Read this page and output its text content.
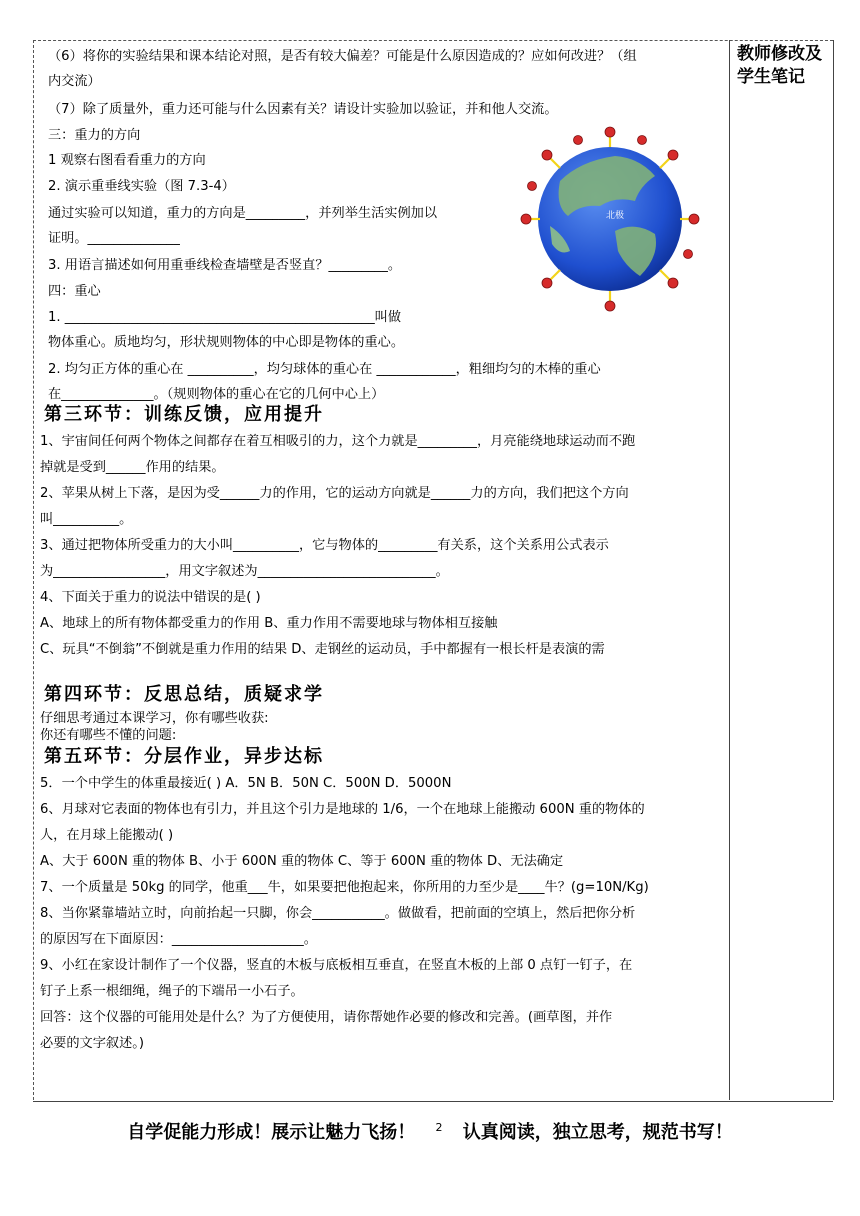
教师修改及学生笔记
（6）将你的实验结果和课本结论对照，是否有较大偏差？可能是什么原因造成的？应如何改进？（组
内交流）
（7）除了质量外，重力还可能与什么因素有关？请设计实验加以验证，并和他人交流。
三：重力的方向
1 观察右图看看重力的方向
2. 演示重垂线实验（图 7.3-4）
通过实验可以知道，重力的方向是_________，并列举生活实例加以
证明。______________
3. 用语言描述如何用重垂线检查墙壁是否竖直？_________。
四：重心
1. _______________________________________________叫做
物体重心。质地均匀，形状规则物体的中心即是物体的重心。
2. 均匀正方体的重心在 __________，均匀球体的重心在 ____________，粗细均匀的木棒的重心
在______________。（规则物体的重心在它的几何中心上）
第三环节：训练反馈，应用提升
1、宇宙间任何两个物体之间都存在着互相吸引的力，这个力就是_________，月亮能绕地球运动而不跑
掉就是受到______作用的结果。
2、苹果从树上下落，是因为受______力的作用，它的运动方向就是______力的方向，我们把这个方向
叫__________。
3、通过把物体所受重力的大小叫__________，它与物体的_________有关系，这个关系用公式表示
为_________________，用文字叙述为___________________________。
4、下面关于重力的说法中错误的是( )
A、地球上的所有物体都受重力的作用 B、重力作用不需要地球与物体相互接触
C、玩具“不倒翁”不倒就是重力作用的结果 D、走钢丝的运动员，手中都握有一根长杆是表演的需
第四环节：反思总结，质疑求学
仔细思考通过本课学习，你有哪些收获:
你还有哪些不懂的问题:
第五环节：分层作业，异步达标
5．一个中学生的体重最接近( ) A．5N B．50N C．500N D．5000N
6、月球对它表面的物体也有引力，并且这个引力是地球的 1/6，一个在地球上能搬动 600N 重的物体的
人，在月球上能搬动( )
A、大于 600N 重的物体 B、小于 600N 重的物体 C、等于 600N 重的物体 D、无法确定
7、一个质量是 50kg 的同学，他重___牛，如果要把他抱起来，你所用的力至少是____牛？(g=10N/Kg)
8、当你紧靠墙站立时，向前抬起一只脚，你会___________。做做看，把前面的空填上，然后把你分析
的原因写在下面原因：____________________。
9、小红在家设计制作了一个仪器，竖直的木板与底板相互垂直，在竖直木板的上部 0 点钉一钉子，在
钉子上系一根细绳，绳子的下端吊一小石子。
回答：这个仪器的可能用处是什么？为了方便使用，请你帮她作必要的修改和完善。(画草图，并作
必要的文字叙述。)
北极
自学促能力形成！展示让魅力飞扬！ $^2$ 认真阅读，独立思考，规范书写！
